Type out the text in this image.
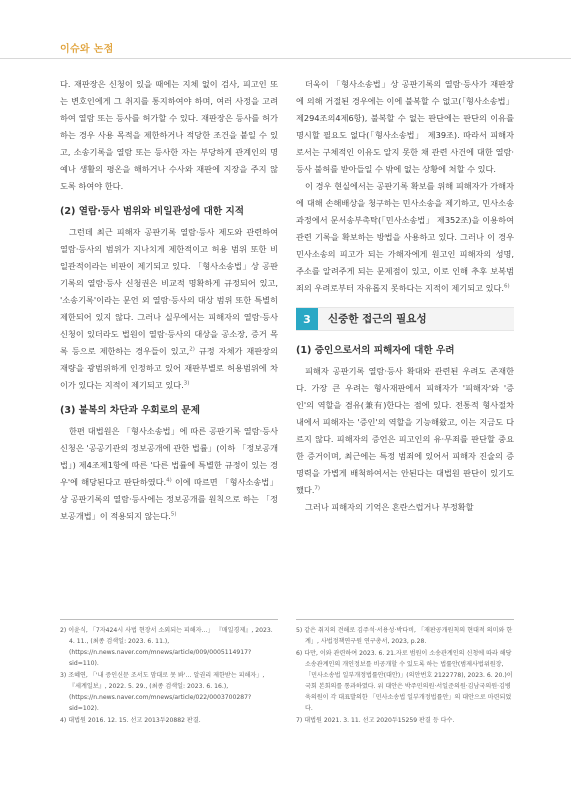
이슈와 논점

다. 재판장은 신청이 있을 때에는 지체 없이 검사, 피고인 또는 변호인에게 그 취지를 통지하여야 하며, 여러 사정을 고려하여 열람 또는 등사를 허가할 수 있다. 재판장은 등사를 허가하는 경우 사용 목적을 제한하거나 적당한 조건을 붙일 수 있고, 소송기록을 열람 또는 등사한 자는 부당하게 관계인의 명예나 생활의 평온을 해하거나 수사와 재판에 지장을 주지 않도록 하여야 한다.

(2) 열람·등사 범위와 비일관성에 대한 지적

그런데 최근 피해자 공판기록 열람·등사 제도와 관련하여 열람·등사의 범위가 지나치게 제한적이고 허용 범위 또한 비일관적이라는 비판이 제기되고 있다. 「형사소송법」상 공판기록의 열람·등사 신청권은 비교적 명확하게 규정되어 있고, '소송기록'이라는 문언 외 열람·등사의 대상 범위 또한 특별히 제한되어 있지 않다. 그러나 실무에서는 피해자의 열람·등사 신청이 있더라도 법원이 열람·등사의 대상을 공소장, 증거 목록 등으로 제한하는 경우들이 있고,$^{2)}$ 규정 자체가 재판장의 재량을 광범위하게 인정하고 있어 재판부별로 허용범위에 차이가 있다는 지적이 제기되고 있다.$^{3)}$

(3) 불복의 차단과 우회로의 문제

한편 대법원은 「형사소송법」에 따른 공판기록 열람·등사 신청은 '공공기관의 정보공개에 관한 법률」(이하 「정보공개법」) 제4조제1항에 따른 '다른 법률에 특별한 규정이 있는 경우'에 해당된다고 판단하였다.$^{4)}$ 이에 따르면 「형사소송법」상 공판기록의 열람·등사에는 정보공개를 원칙으로 하는 「정보공개법」이 적용되지 않는다.$^{5)}$

더욱이 「형사소송법」상 공판기록의 열람·등사가 재판장에 의해 거절된 경우에는 이에 불복할 수 없고(「형사소송법」 제294조의4제6항), 불복할 수 없는 판단에는 판단의 이유를 명시할 필요도 없다(「형사소송법」 제39조). 따라서 피해자로서는 구체적인 이유도 알지 못한 채 관련 사건에 대한 열람·등사 불허를 받아들일 수 밖에 없는 상황에 처할 수 있다.

이 경우 현실에서는 공판기록 확보를 위해 피해자가 가해자에 대해 손해배상을 청구하는 민사소송을 제기하고, 민사소송 과정에서 문서송부촉탁(「민사소송법」 제352조)을 이용하여 관련 기록을 확보하는 방법을 사용하고 있다. 그러나 이 경우 민사소송의 피고가 되는 가해자에게 원고인 피해자의 성명, 주소를 알려주게 되는 문제점이 있고, 이로 인해 추후 보복범죄의 우려로부터 자유롭지 못하다는 지적이 제기되고 있다.$^{6)}$

3	신중한 접근의 필요성
(1) 증인으로서의 피해자에 대한 우려

피해자 공판기록 열람·등사 확대와 관련된 우려도 존재한다. 가장 큰 우려는 형사재판에서 피해자가 '피해자'와 '증인'의 역할을 겸유(兼有)한다는 점에 있다. 전통적 형사절차 내에서 피해자는 '증인'의 역할을 기능해왔고, 이는 지금도 다르지 않다. 피해자의 증언은 피고인의 유·무죄를 판단할 중요한 증거이며, 최근에는 특정 범죄에 있어서 피해자 진술의 증명력을 가볍게 배척하여서는 안된다는 대법원 판단이 있기도 했다.$^{7)}$

그러나 피해자의 기억은 혼란스럽거나 부정확할

2) 이윤식, 「7자424시 사법 현장서 소외되는 피해자…」 『매일경제』, 2023. 4. 11., (최종 검색일: 2023. 6. 11.), (https://n.news.naver.com/mnews/article/009/0005114917?sid=110).
3) 조혜연, 「'내 증인신문 조서도 맘대로 못 봐'… 알권리 제한받는 피해자」, 『세계일보』, 2022. 5. 29., (최종 검색일: 2023. 6. 16.), (https://n.news.naver.com/mnews/article/022/0003700287?sid=102).
4) 대법원 2016. 12. 15. 선고 2013두20882 판결.
5) 같은 취지의 견해로 김주석·서용성·박다비, 「재판공개원칙의 현대적 의미와 한계」, 사법정책연구원 연구총서, 2023, p.28.
6) 다만, 이와 관련하여 2023. 6. 21.자로 범원이 소송관계인의 신청에 따라 해당 소송관계인의 개인정보를 비공개할 수 있도록 하는 법률안(범제사법위원장, 「민사소송법 일부개정법률안(대안)」(의안번호 2122778), 2023. 6. 20.)이 국회 본회의를 통과하였다. 위 대안은 박주민의원·서일준의원·김남국의원·김병욱의원이 각 대표발의한 「민사소송법 일부개정법률안」의 대안으로 마련되었다.
7) 대법원 2021. 3. 11. 선고 2020두15259 판결 등 다수.
